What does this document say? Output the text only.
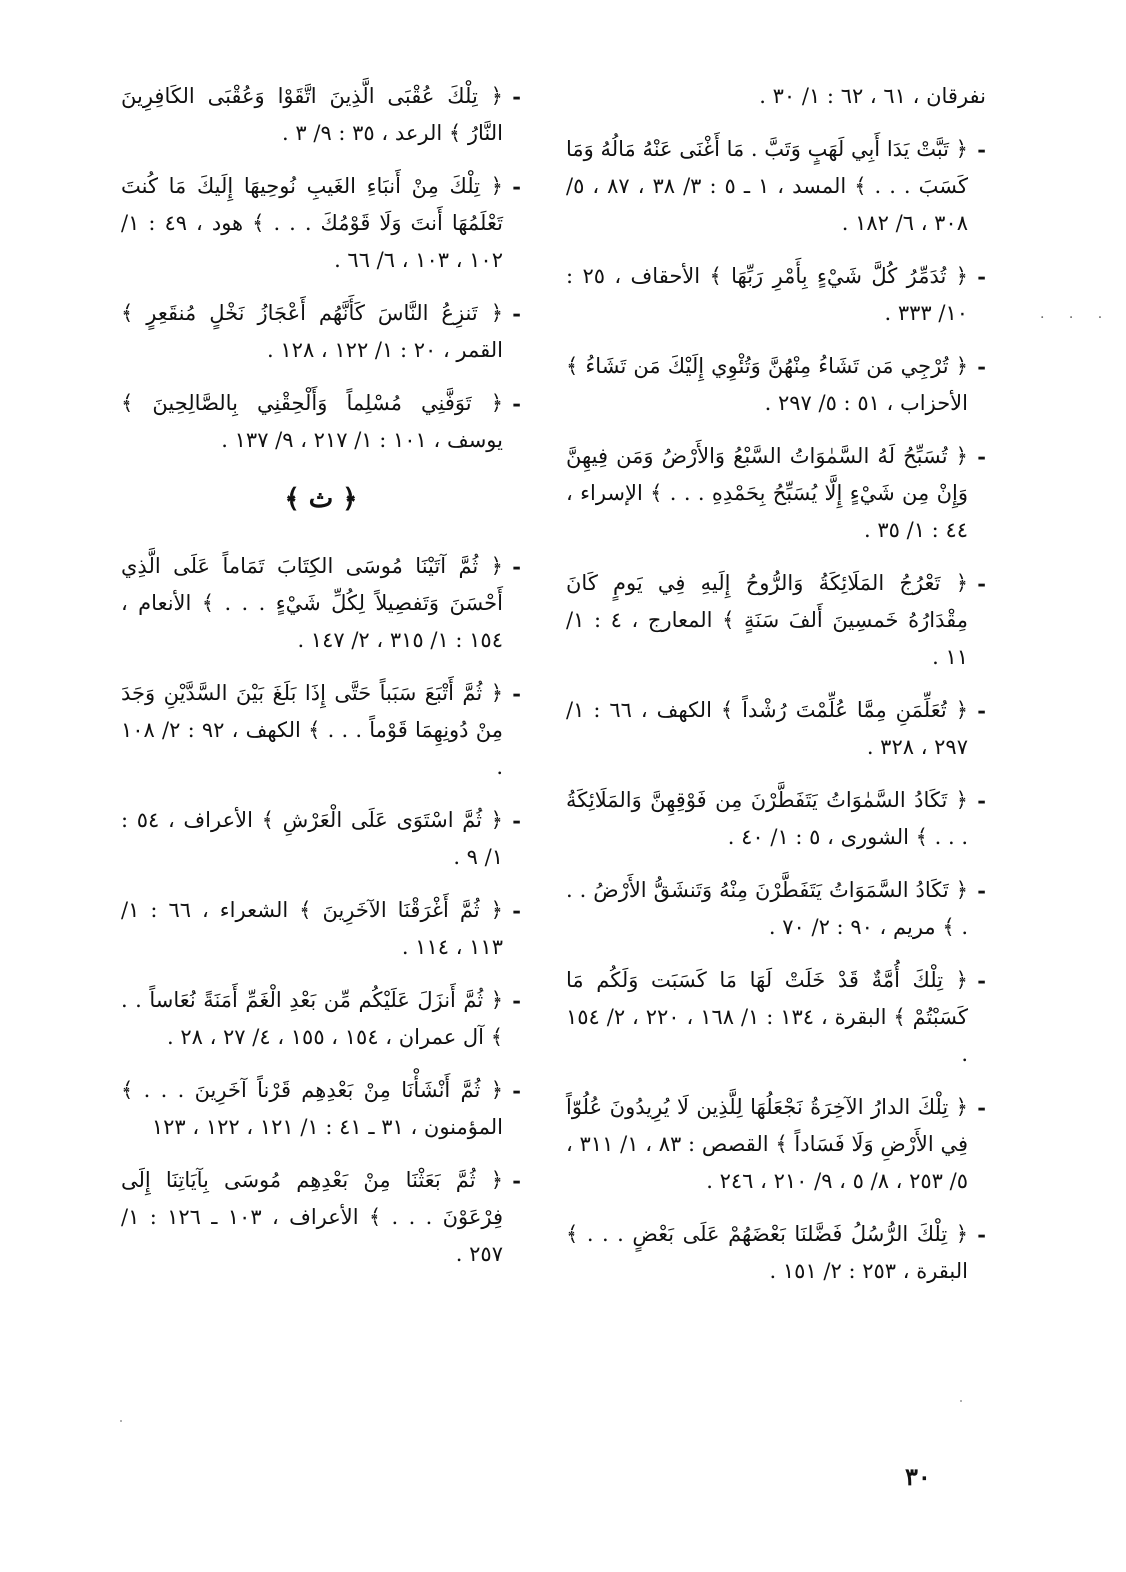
نفرقان ، ٦١ ، ٦٢ : ١/ ٣٠ .
- ﴿ تَبَّتْ يَدَا أَبِي لَهَبٍ وَتَبَّ . مَا أَغْنَى عَنْهُ مَالُهُ وَمَا كَسَبَ . . . ﴾ المسد ، ١ ـ ٥ : ٣/ ٣٨ ، ٨٧ ، ٥/ ٣٠٨ ، ٦/ ١٨٢ .
- ﴿ تُدَمِّرُ كُلَّ شَيْءٍ بِأَمْرِ رَبِّهَا ﴾ الأحقاف ، ٢٥ : ١٠/ ٣٣٣ .
- ﴿ تُرْجِي مَن تَشَاءُ مِنْهُنَّ وَتُئْوِي إِلَيْكَ مَن تَشَاءُ ﴾ الأحزاب ، ٥١ : ٥/ ٢٩٧ .
- ﴿ تُسَبِّحُ لَهُ السَّمٰوَاتُ السَّبْعُ وَالأَرْضُ وَمَن فِيهِنَّ وَإِنْ مِن شَيْءٍ إِلَّا يُسَبِّحُ بِحَمْدِهِ . . . ﴾ الإسراء ، ٤٤ : ١/ ٣٥ .
- ﴿ تَعْرُجُ المَلَائِكَةُ وَالرُّوحُ إِلَيهِ فِي يَومٍ كَانَ مِقْدَارُهُ خَمسِينَ أَلفَ سَنَةٍ ﴾ المعارج ، ٤ : ١/ ١١ .
- ﴿ تُعَلِّمَنِ مِمَّا عُلِّمْتَ رُشْداً ﴾ الكهف ، ٦٦ : ١/ ٢٩٧ ، ٣٢٨ .
- ﴿ تَكَادُ السَّمٰوَاتُ يَتَفَطَّرْنَ مِن فَوْقِهِنَّ وَالمَلَائِكَةُ . . . ﴾ الشورى ، ٥ : ١/ ٤٠ .
- ﴿ تَكَادُ السَّمَوَاتُ يَتَفَطَّرْنَ مِنْهُ وَتَنشَقُّ الأَرْضُ . . . ﴾ مريم ، ٩٠ : ٢/ ٧٠ .
- ﴿ تِلْكَ أُمَّةٌ قَدْ خَلَتْ لَهَا مَا كَسَبَت وَلَكُم مَا كَسَبْتُمْ ﴾ البقرة ، ١٣٤ : ١/ ١٦٨ ، ٢٢٠ ، ٢/ ١٥٤ .
- ﴿ تِلْكَ الدارُ الآخِرَةُ نَجْعَلُهَا لِلَّذِين لَا يُرِيدُونَ عُلُوّاً فِي الأَرْضِ وَلَا فَسَاداً ﴾ القصص : ٨٣ ، ١/ ٣١١ ، ٥/ ٢٥٣ ، ٨/ ٥ ، ٩/ ٢١٠ ، ٢٤٦ .
- ﴿ تِلْكَ الرُّسُلُ فَضَّلنَا بَعْضَهُمْ عَلَى بَعْضٍ . . . ﴾ البقرة ، ٢٥٣ : ٢/ ١٥١ .
- ﴿ تِلْكَ عُقْبَى الَّذِينَ اتَّقَوْا وَعُقْبَى الكَافِرِينَ النَّارُ ﴾ الرعد ، ٣٥ : ٩/ ٣ .
- ﴿ تِلْكَ مِنْ أَنبَاءِ الغَيبِ نُوحِيهَا إِلَيكَ مَا كُنتَ تَعْلَمُهَا أَنتَ وَلَا قَوْمُكَ . . . ﴾ هود ، ٤٩ : ١/ ١٠٢ ، ١٠٣ ، ٦/ ٦٦ .
- ﴿ تَنزِعُ النَّاسَ كَأَنَّهُم أَعْجَازُ نَخْلٍ مُنقَعِرٍ ﴾ القمر ، ٢٠ : ١/ ١٢٢ ، ١٢٨ .
- ﴿ تَوَفَّنِي مُسْلِماً وَأَلْحِقْنِي بِالصَّالِحِينَ ﴾ يوسف ، ١٠١ : ١/ ٢١٧ ، ٩/ ١٣٧ .
﴿ ث ﴾
- ﴿ ثُمَّ آتَيْنَا مُوسَى الكِتَابَ تَمَاماً عَلَى الَّذِي أَحْسَنَ وَتَفصِيلاً لِكُلِّ شَيْءٍ . . . ﴾ الأنعام ، ١٥٤ : ١/ ٣١٥ ، ٢/ ١٤٧ .
- ﴿ ثُمَّ أَتْبَعَ سَبَباً حَتَّى إِذَا بَلَغَ بَيْنَ السَّدَّيْنِ وَجَدَ مِنْ دُونِهِمَا قَوْماً . . . ﴾ الكهف ، ٩٢ : ٢/ ١٠٨ .
- ﴿ ثُمَّ اسْتَوَى عَلَى الْعَرْشِ ﴾ الأعراف ، ٥٤ : ١/ ٩ .
- ﴿ ثُمَّ أَغْرَقْنَا الآخَرِينَ ﴾ الشعراء ، ٦٦ : ١/ ١١٣ ، ١١٤ .
- ﴿ ثُمَّ أَنزَلَ عَلَيْكُم مِّن بَعْدِ الْغَمِّ أَمَنَةً نُعَاساً . . ﴾ آل عمران ، ١٥٤ ، ١٥٥ ، ٤/ ٢٧ ، ٢٨ .
- ﴿ ثُمَّ أَنْشَأْنَا مِنْ بَعْدِهِم قَرْناً آخَرِينَ . . . ﴾ المؤمنون ، ٣١ ـ ٤١ : ١/ ١٢١ ، ١٢٢ ، ١٢٣
- ﴿ ثُمَّ بَعَثْنَا مِنْ بَعْدِهِم مُوسَى بِآيَاتِنَا إِلَى فِرْعَوْنَ . . . ﴾ الأعراف ، ١٠٣ ـ ١٢٦ : ١/ ٢٥٧ .
· · ·
٣٠
